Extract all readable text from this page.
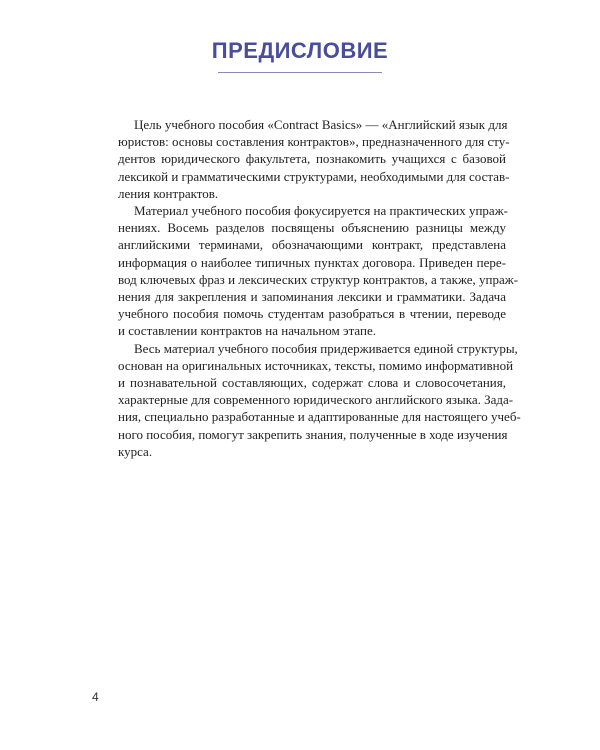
ПРЕДИСЛОВИЕ

Цель учебного пособия «Contract Basics» — «Английский язык для
юристов: основы составления контрактов», предназначенного для сту-
дентов юридического факультета, познакомить учащихся с базовой
лексикой и грамматическими структурами, необходимыми для состав-
ления контрактов.

Материал учебного пособия фокусируется на практических упраж-
нениях. Восемь разделов посвящены объяснению разницы между
английскими терминами, обозначающими контракт, представлена
информация о наиболее типичных пунктах договора. Приведен пере-
вод ключевых фраз и лексических структур контрактов, а также, упраж-
нения для закрепления и запоминания лексики и грамматики. Задача
учебного пособия помочь студентам разобраться в чтении, переводе
и составлении контрактов на начальном этапе.

Весь материал учебного пособия придерживается единой структуры,
основан на оригинальных источниках, тексты, помимо информативной
и познавательной составляющих, содержат слова и словосочетания,
характерные для современного юридического английского языка. Зада-
ния, специально разработанные и адаптированные для настоящего учеб-
ного пособия, помогут закрепить знания, полученные в ходе изучения
курса.

4
